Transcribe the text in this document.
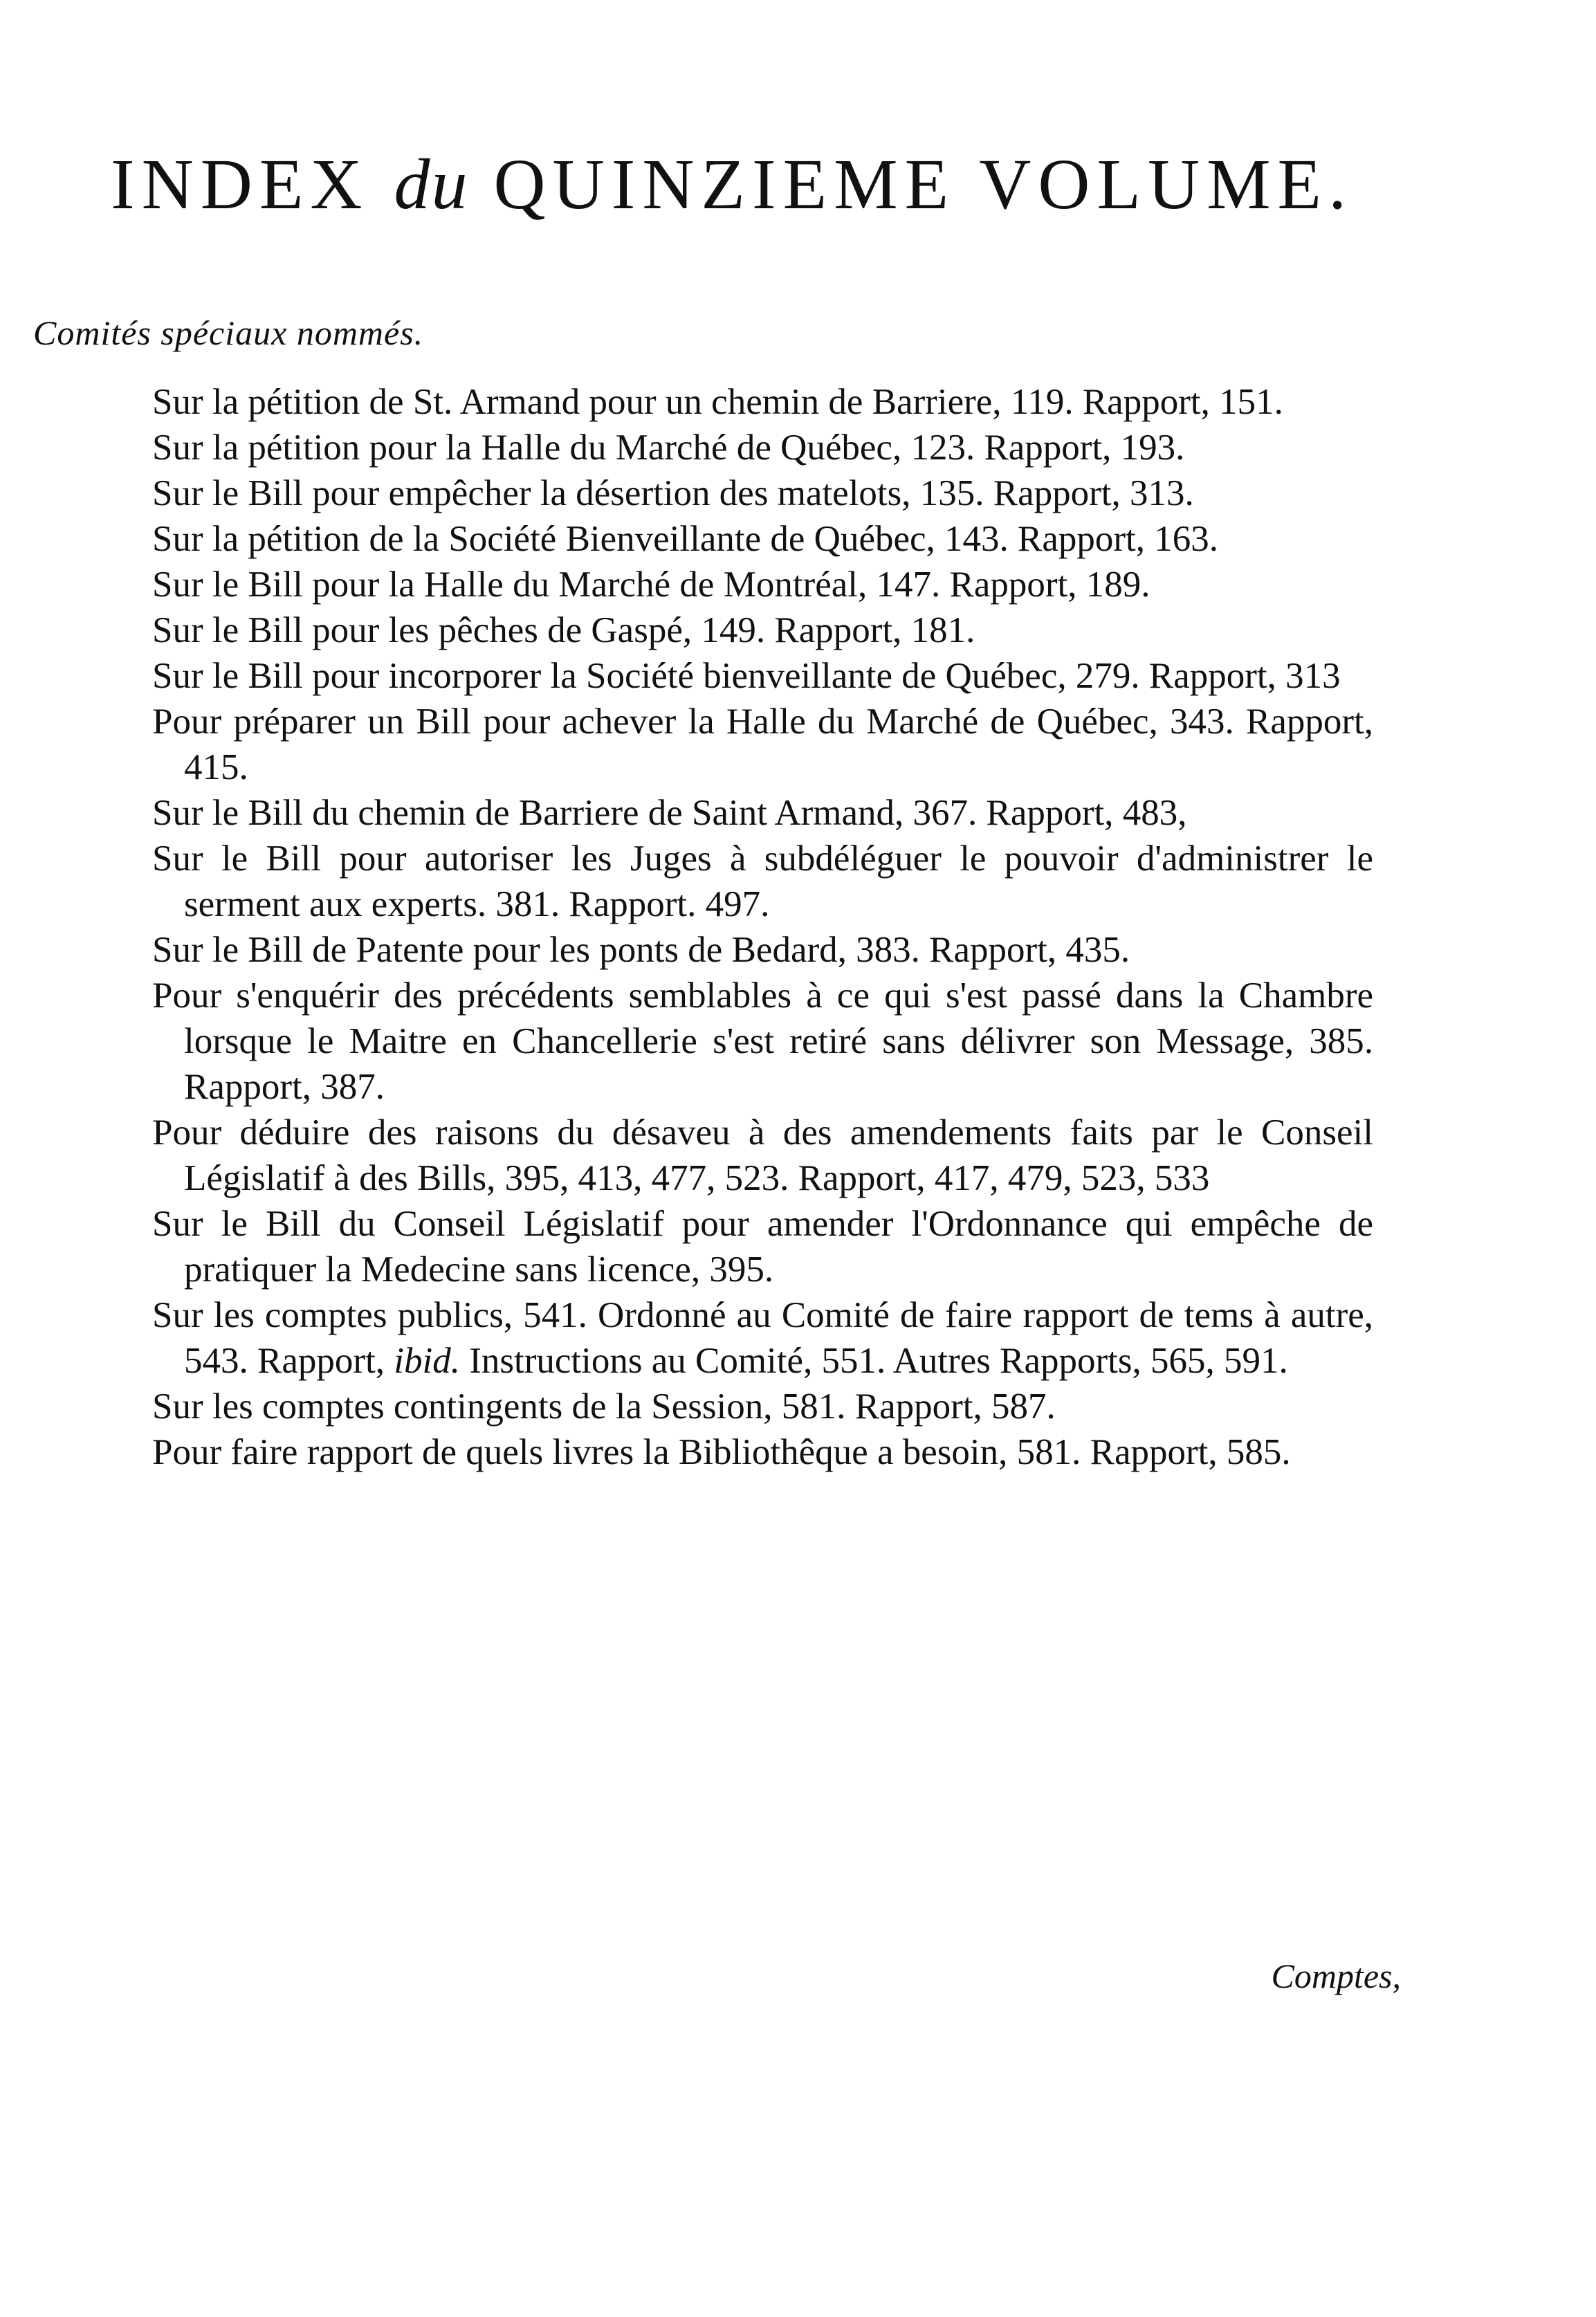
INDEX du QUINZIEME VOLUME.
Comités spéciaux nommés.
Sur la pétition de St. Armand pour un chemin de Barriere, 119. Rapport, 151.
Sur la pétition pour la Halle du Marché de Québec, 123. Rapport, 193.
Sur le Bill pour empêcher la désertion des matelots, 135. Rapport, 313.
Sur la pétition de la Société Bienveillante de Québec, 143. Rapport, 163.
Sur le Bill pour la Halle du Marché de Montréal, 147. Rapport, 189.
Sur le Bill pour les pêches de Gaspé, 149. Rapport, 181.
Sur le Bill pour incorporer la Société bienveillante de Québec, 279. Rapport, 313
Pour préparer un Bill pour achever la Halle du Marché de Québec, 343. Rapport, 415.
Sur le Bill du chemin de Barriere de Saint Armand, 367. Rapport, 483,
Sur le Bill pour autoriser les Juges à subdéléguer le pouvoir d'administrer le serment aux experts. 381. Rapport. 497.
Sur le Bill de Patente pour les ponts de Bedard, 383. Rapport, 435.
Pour s'enquérir des précédents semblables à ce qui s'est passé dans la Chambre lorsque le Maitre en Chancellerie s'est retiré sans délivrer son Message, 385. Rapport, 387.
Pour déduire des raisons du désaveu à des amendements faits par le Conseil Législatif à des Bills, 395, 413, 477, 523. Rapport, 417, 479, 523, 533
Sur le Bill du Conseil Législatif pour amender l'Ordonnance qui empêche de pratiquer la Medecine sans licence, 395.
Sur les comptes publics, 541. Ordonné au Comité de faire rapport de tems à autre, 543. Rapport, ibid. Instructions au Comité, 551. Autres Rapports, 565, 591.
Sur les comptes contingents de la Session, 581. Rapport, 587.
Pour faire rapport de quels livres la Bibliothêque a besoin, 581. Rapport, 585.
Comptes,
